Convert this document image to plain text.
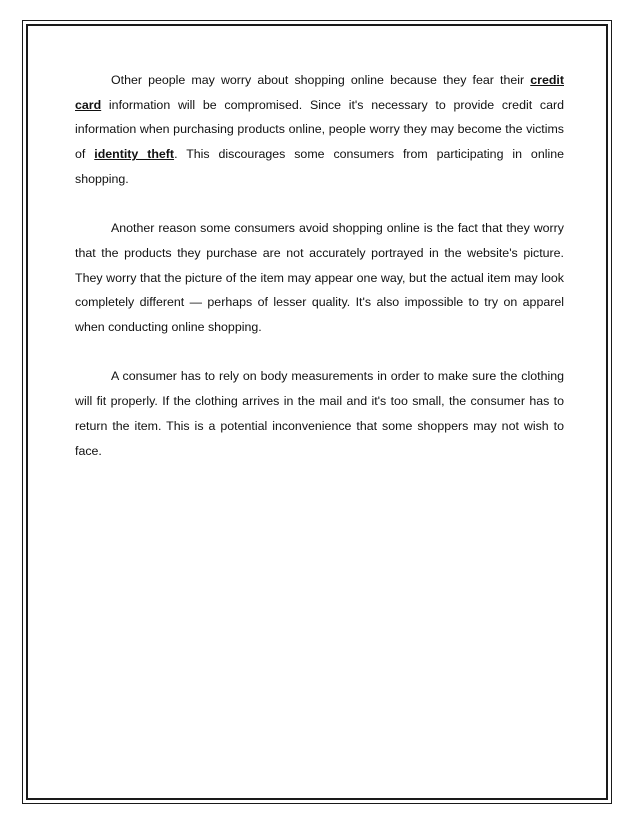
Other people may worry about shopping online because they fear their credit card information will be compromised. Since it's necessary to provide credit card information when purchasing products online, people worry they may become the victims of identity theft. This discourages some consumers from participating in online shopping.

Another reason some consumers avoid shopping online is the fact that they worry that the products they purchase are not accurately portrayed in the website's picture. They worry that the picture of the item may appear one way, but the actual item may look completely different — perhaps of lesser quality. It's also impossible to try on apparel when conducting online shopping.

A consumer has to rely on body measurements in order to make sure the clothing will fit properly. If the clothing arrives in the mail and it's too small, the consumer has to return the item. This is a potential inconvenience that some shoppers may not wish to face.
